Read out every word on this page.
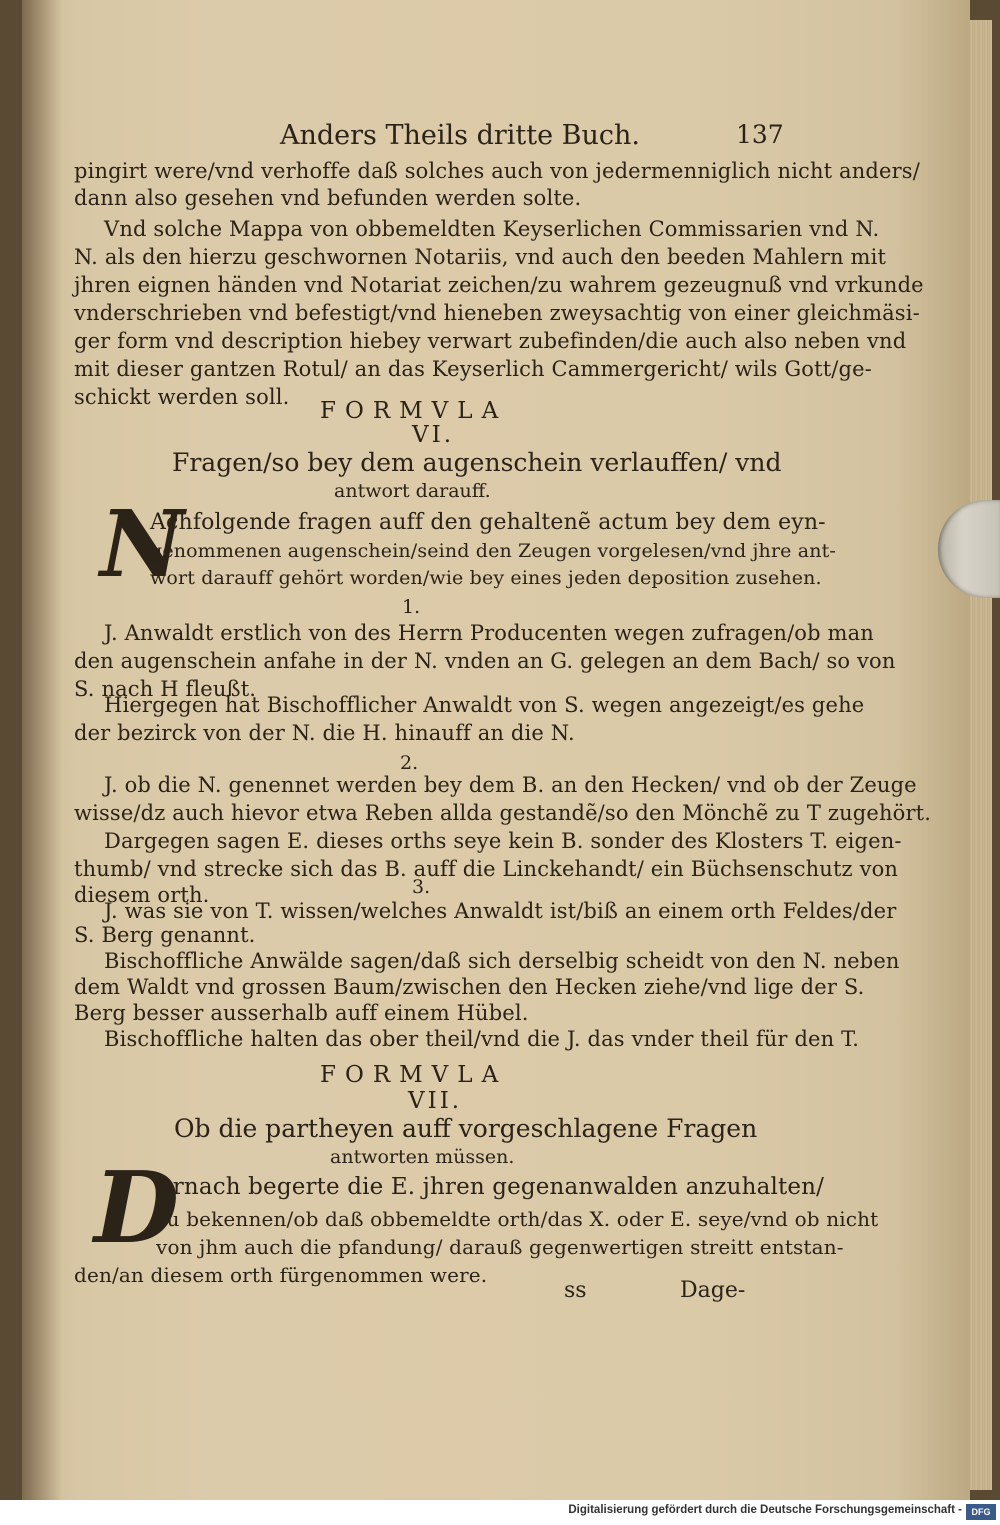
Anders Theils dritte Buch.	137
pingirt were/vnd verhoffe daß solches auch von jedermenniglich nicht anders/
dann also gesehen vnd befunden werden solte.
Vnd solche Mappa von obbemeldten Keyserlichen Commissarien vnd N.
N. als den hierzu geschwornen Notariis, vnd auch den beeden Mahlern mit
jhren eignen händen vnd Notariat zeichen/zu wahrem gezeugnuß vnd vrkunde
vnderschrieben vnd befestigt/vnd hieneben zweysachtig von einer gleichmäsi-
ger form vnd description hiebey verwart zubefinden/die auch also neben vnd
mit dieser gantzen Rotul/ an das Keyserlich Cammergericht/ wils Gott/ge-
schickt werden soll.
FORMVLA
VI.
Fragen/so bey dem augenschein verlauffen/ vnd
antwort darauff.
N
Achfolgende fragen auff den gehaltenẽ actum bey dem eyn-
genommenen augenschein/seind den Zeugen vorgelesen/vnd jhre ant-
wort darauff gehört worden/wie bey eines jeden deposition zusehen.
1.
J. Anwaldt erstlich von des Herrn Producenten wegen zufragen/ob man
den augenschein anfahe in der N. vnden an G. gelegen an dem Bach/ so von
S. nach H fleußt.
Hiergegen hat Bischofflicher Anwaldt von S. wegen angezeigt/es gehe
der bezirck von der N. die H. hinauff an die N.
2.
J. ob die N. genennet werden bey dem B. an den Hecken/ vnd ob der Zeuge
wisse/dz auch hievor etwa Reben allda gestandẽ/so den Mönchẽ zu T zugehört.
Dargegen sagen E. dieses orths seye kein B. sonder des Klosters T. eigen-
thumb/ vnd strecke sich das B. auff die Linckehandt/ ein Büchsenschutz von
diesem orth.	3.
J. was sie von T. wissen/welches Anwaldt ist/biß an einem orth Feldes/der
S. Berg genannt.
Bischoffliche Anwälde sagen/daß sich derselbig scheidt von den N. neben
dem Waldt vnd grossen Baum/zwischen den Hecken ziehe/vnd lige der S.
Berg besser ausserhalb auff einem Hübel.
Bischoffliche halten das ober theil/vnd die J. das vnder theil für den T.
FORMVLA
VII.
Ob die partheyen auff vorgeschlagene Fragen
antworten müssen.
D
Arnach begerte die E. jhren gegenanwalden anzuhalten/
zu bekennen/ob daß obbemeldte orth/das X. oder E. seye/vnd ob nicht
von jhm auch die pfandung/ darauß gegenwertigen streitt entstan-
den/an diesem orth fürgenommen were.
ss	Dage-
Digitalisierung gefördert durch die Deutsche Forschungsgemeinschaft -	DFG
